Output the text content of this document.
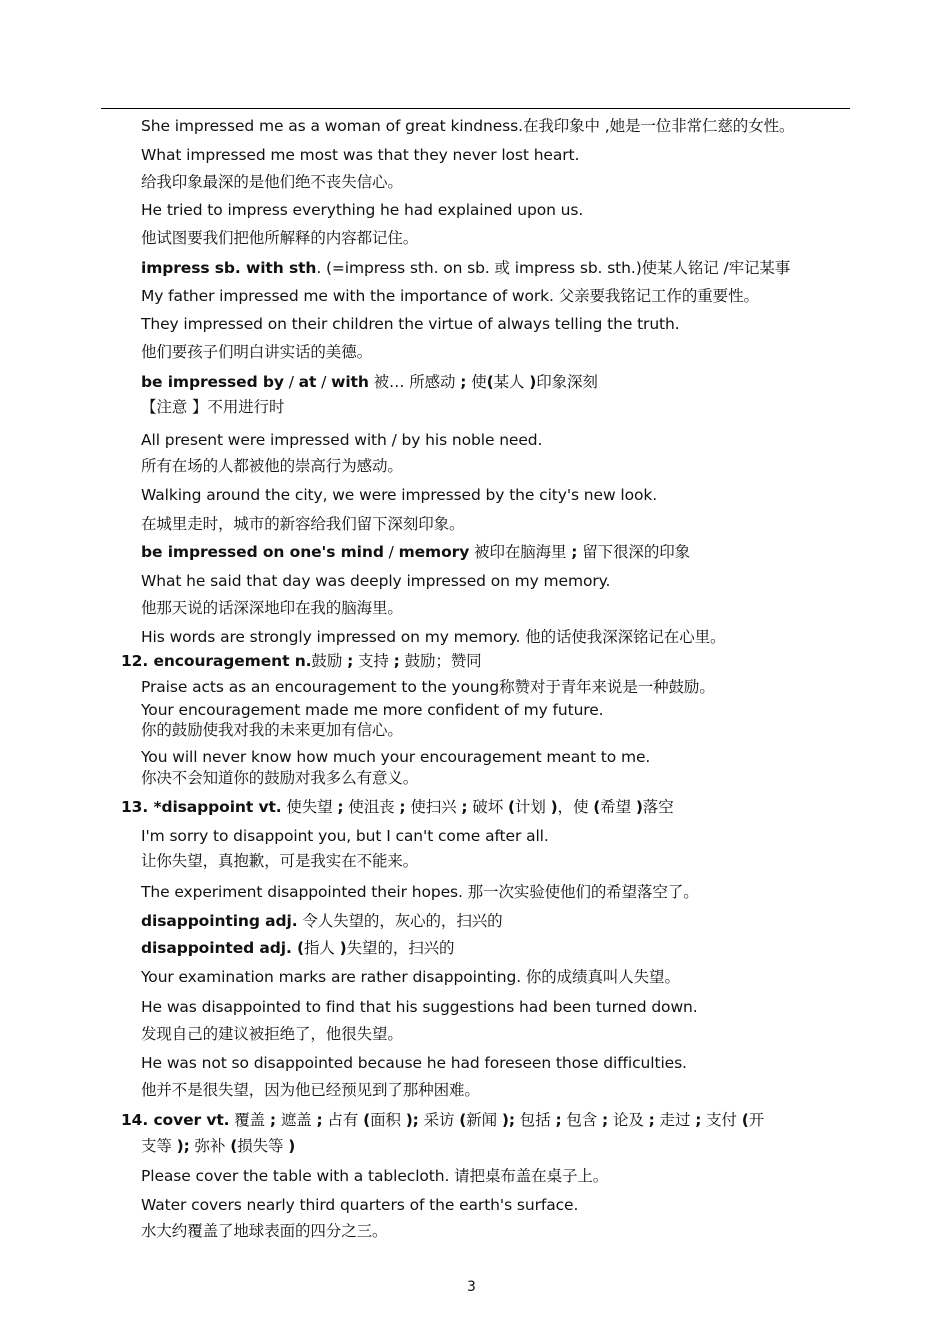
She impressed me as a woman of great kindness.在我印象中 ,她是一位非常仁慈的女性。
What impressed me most was that they never lost heart.
给我印象最深的是他们绝不丧失信心。
He tried to impress everything he had explained upon us.
他试图要我们把他所解释的内容都记住。
impress sb. with sth. (=impress sth. on sb. 或 impress sb. sth.)使某人铭记 /牢记某事
My father impressed me with the importance of work. 父亲要我铭记工作的重要性。
They impressed on their children the virtue of always telling the truth.
他们要孩子们明白讲实话的美德。
be impressed by / at / with 被… 所感动 ; 使(某人 )印象深刻
【注意 】不用进行时
All present were impressed with / by his noble need.
所有在场的人都被他的崇高行为感动。
Walking around the city, we were impressed by the city's new look.
在城里走时，城市的新容给我们留下深刻印象。
be impressed on one's mind / memory 被印在脑海里 ; 留下很深的印象
What he said that day was deeply impressed on my memory.
他那天说的话深深地印在我的脑海里。
His words are strongly impressed on my memory. 他的话使我深深铭记在心里。
12. encouragement n.鼓励 ; 支持 ; 鼓励；赞同
Praise acts as an encouragement to the young称赞对于青年来说是一种鼓励。
Your encouragement made me more confident of my future.
你的鼓励使我对我的未来更加有信心。
You will never know how much your encouragement meant to me.
你决不会知道你的鼓励对我多么有意义。
13. *disappoint vt. 使失望 ; 使沮丧 ; 使扫兴 ; 破坏 (计划 )，使 (希望 )落空
I'm sorry to disappoint you, but I can't come after all.
让你失望，真抱歉，可是我实在不能来。
The experiment disappointed their hopes. 那一次实验使他们的希望落空了。
disappointing adj. 令人失望的，灰心的，扫兴的
disappointed adj. (指人 )失望的，扫兴的
Your examination marks are rather disappointing. 你的成绩真叫人失望。
He was disappointed to find that his suggestions had been turned down.
发现自己的建议被拒绝了，他很失望。
He was not so disappointed because he had foreseen those difficulties.
他并不是很失望，因为他已经预见到了那种困难。
14. cover vt. 覆盖 ; 遮盖 ; 占有 (面积 ); 采访 (新闻 ); 包括 ; 包含 ; 论及 ; 走过 ; 支付 (开
支等 ); 弥补 (损失等 )
Please cover the table with a tablecloth. 请把桌布盖在桌子上。
Water covers nearly third quarters of the earth's surface.
水大约覆盖了地球表面的四分之三。
3
